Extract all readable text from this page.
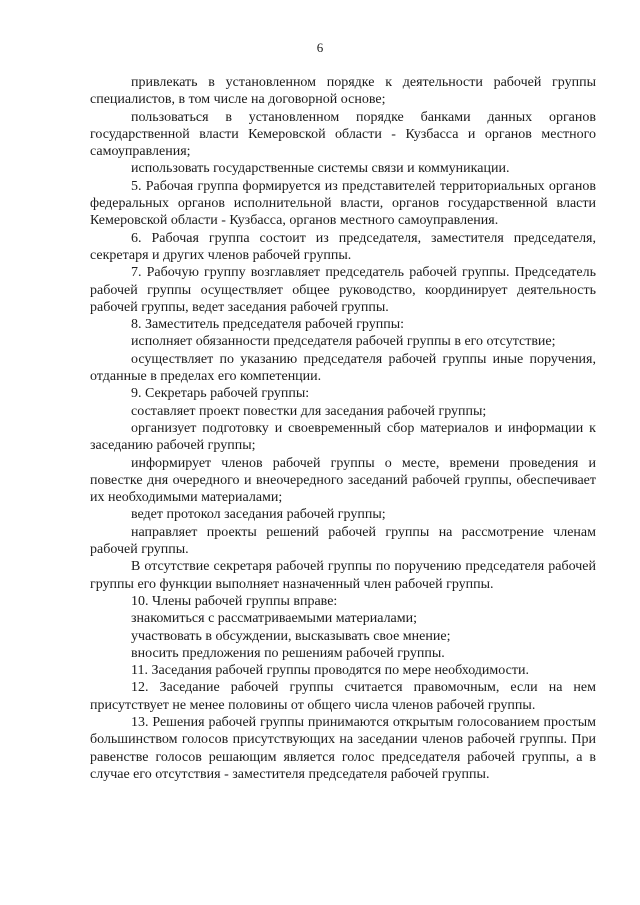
6

привлекать в установленном порядке к деятельности рабочей группы специалистов, в том числе на договорной основе;

пользоваться в установленном порядке банками данных органов государственной власти Кемеровской области - Кузбасса и органов местного самоуправления;

использовать государственные системы связи и коммуникации.

5. Рабочая группа формируется из представителей территориальных органов федеральных органов исполнительной власти, органов государственной власти Кемеровской области - Кузбасса, органов местного самоуправления.

6. Рабочая группа состоит из председателя, заместителя председателя, секретаря и других членов рабочей группы.

7. Рабочую группу возглавляет председатель рабочей группы. Председатель рабочей группы осуществляет общее руководство, координирует деятельность рабочей группы, ведет заседания рабочей группы.

8. Заместитель председателя рабочей группы:

исполняет обязанности председателя рабочей группы в его отсутствие;

осуществляет по указанию председателя рабочей группы иные поручения, отданные в пределах его компетенции.

9. Секретарь рабочей группы:

составляет проект повестки для заседания рабочей группы;

организует подготовку и своевременный сбор материалов и информации к заседанию рабочей группы;

информирует членов рабочей группы о месте, времени проведения и повестке дня очередного и внеочередного заседаний рабочей группы, обеспечивает их необходимыми материалами;

ведет протокол заседания рабочей группы;

направляет проекты решений рабочей группы на рассмотрение членам рабочей группы.

В отсутствие секретаря рабочей группы по поручению председателя рабочей группы его функции выполняет назначенный член рабочей группы.

10. Члены рабочей группы вправе:

знакомиться с рассматриваемыми материалами;

участвовать в обсуждении, высказывать свое мнение;

вносить предложения по решениям рабочей группы.

11. Заседания рабочей группы проводятся по мере необходимости.

12. Заседание рабочей группы считается правомочным, если на нем присутствует не менее половины от общего числа членов рабочей группы.

13. Решения рабочей группы принимаются открытым голосованием простым большинством голосов присутствующих на заседании членов рабочей группы. При равенстве голосов решающим является голос председателя рабочей группы, а в случае его отсутствия - заместителя председателя рабочей группы.
